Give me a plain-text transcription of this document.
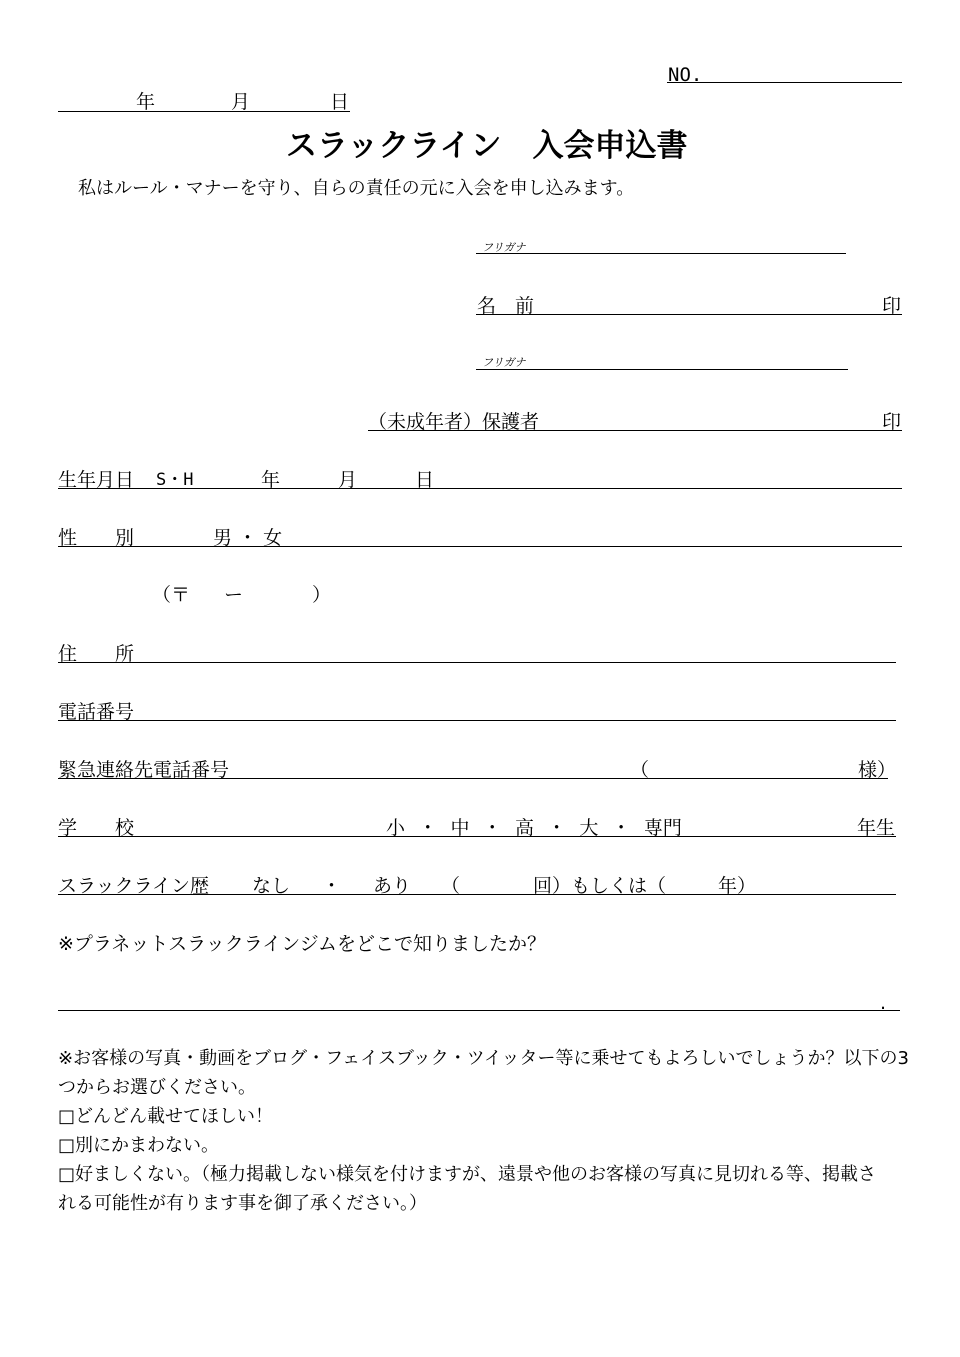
NO.
年	月	日
スラックライン　入会申込書
私はルール・マナーを守り、自らの責任の元に入会を申し込みます。
フリガナ
名　前	印
フリガナ
（未成年者）保護者	印
生年月日 S・H	年	月	日
性　　別	男 ・ 女
（〒 ー	）
住　　所
電話番号
緊急連絡先電話番号	（	様）
学　　校	小 ・ 中 ・ 高 ・ 大 ・ 専門	年生
スラックライン歴 なし ・ あり （	回）もしくは（	年）
※プラネットスラックラインジムをどこで知りましたか？
.
※お客様の写真・動画をブログ・フェイスブック・ツイッター等に乗せてもよろしいでしょうか？以下の3
つからお選びください。
□どんどん載せてほしい！
□別にかまわない。
□好ましくない。（極力掲載しない様気を付けますが、遠景や他のお客様の写真に見切れる等、掲載さ
れる可能性が有ります事を御了承ください。）
